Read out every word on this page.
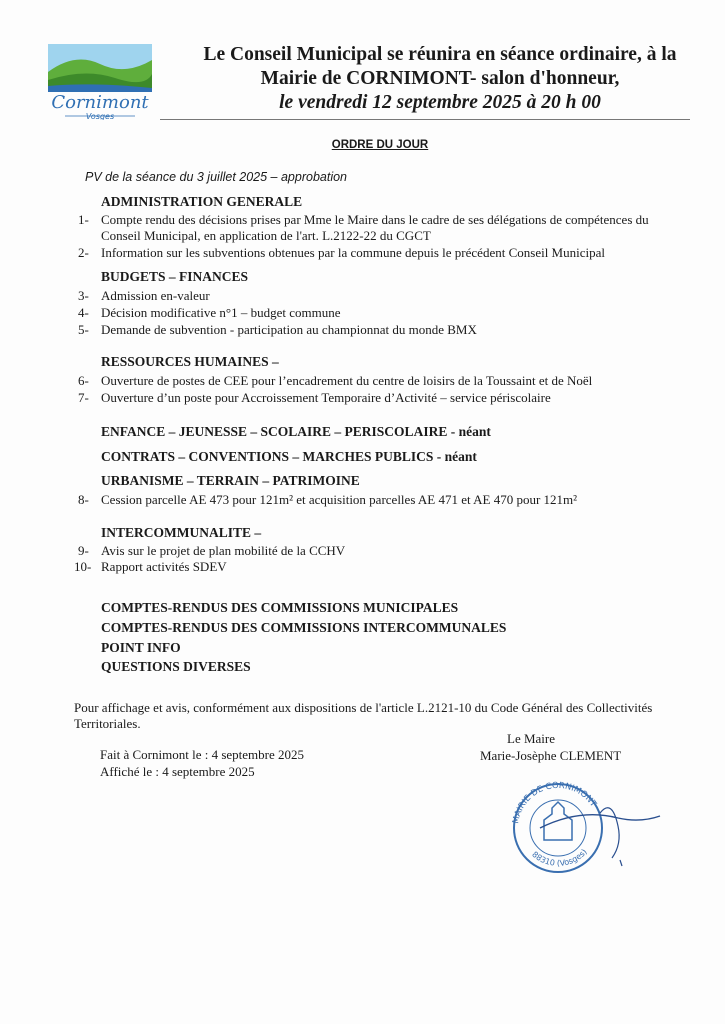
Cornimont
Vosges
Le Conseil Municipal se réunira en séance ordinaire, à la
Mairie de CORNIMONT- salon d'honneur,
le vendredi 12 septembre 2025 à 20 h 00
ORDRE DU JOUR
PV de la séance du 3 juillet 2025 – approbation
ADMINISTRATION GENERALE
1- Compte rendu des décisions prises par Mme le Maire dans le cadre de ses délégations de compétences du
Conseil Municipal, en application de l'art. L.2122-22 du CGCT
2- Information sur les subventions obtenues par la commune depuis le précédent Conseil Municipal
BUDGETS – FINANCES
3- Admission en-valeur
4- Décision modificative n°1 – budget commune
5- Demande de subvention - participation au championnat du monde BMX
RESSOURCES HUMAINES –
6- Ouverture de postes de CEE pour l’encadrement du centre de loisirs de la Toussaint et de Noël
7- Ouverture d’un poste pour Accroissement Temporaire d’Activité – service périscolaire
ENFANCE – JEUNESSE – SCOLAIRE – PERISCOLAIRE - néant
CONTRATS – CONVENTIONS – MARCHES PUBLICS - néant
URBANISME – TERRAIN – PATRIMOINE
8- Cession parcelle AE 473 pour 121m² et acquisition parcelles AE 471 et AE 470 pour 121m²
INTERCOMMUNALITE –
9- Avis sur le projet de plan mobilité de la CCHV
10- Rapport activités SDEV
COMPTES-RENDUS DES COMMISSIONS MUNICIPALES
COMPTES-RENDUS DES COMMISSIONS INTERCOMMUNALES
POINT INFO
QUESTIONS DIVERSES
Pour affichage et avis, conformément aux dispositions de l'article L.2121-10 du Code Général des Collectivités
Territoriales.
Le Maire
Marie-Josèphe CLEMENT
Fait à Cornimont le : 4 septembre 2025
Affiché le : 4 septembre 2025
MAIRIE DE CORNIMONT
88310 (Vosges)
